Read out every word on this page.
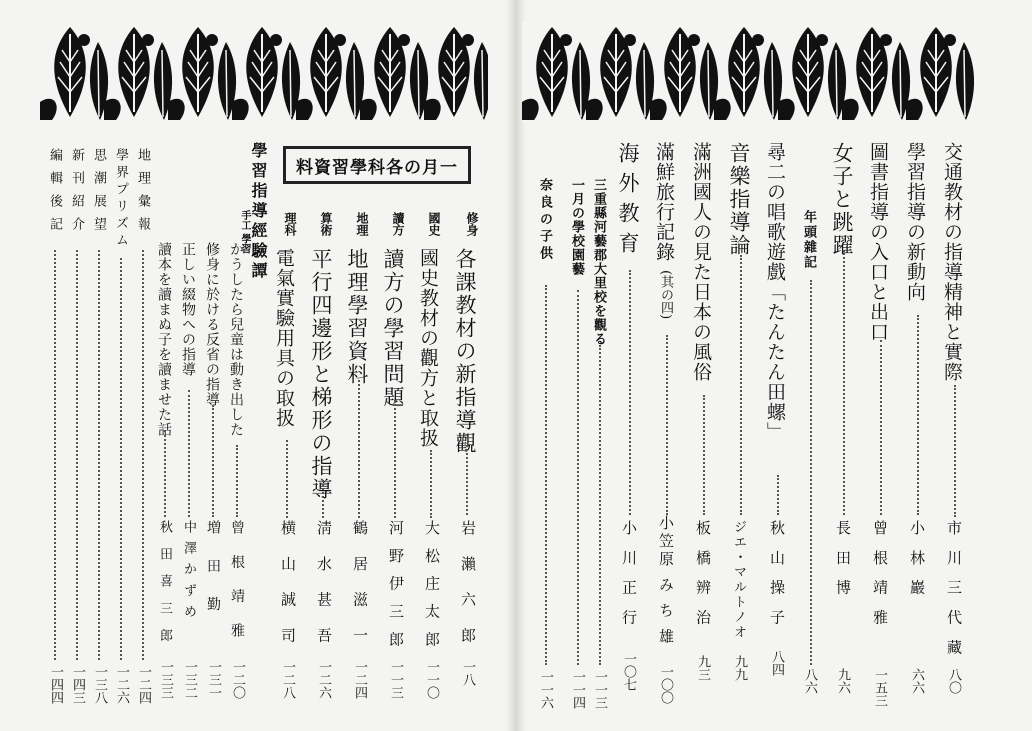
交通教材の指導精神と實際
市 川 三 代 藏
八〇
學習指導の新動向
小 林 巖
六六
圖書指導の入口と出口
曾 根 靖 雅
一五三
女子と跳躍
長 田 博
九六
年頭雜記
八六
尋二の唱歌遊戲「たんたん田螺」
秋 山 操 子
八四
音樂指導論
ジエ・マルトノオ
九九
滿洲國人の見た日本の風俗
板 橋 辨 治
九三
滿鮮旅行記錄
(其の四)
小笠原 み ち 雄
一〇〇
海外教育
小 川 正 行
一〇七
三重縣河藝郡大里校を觀る
一一三
一月の學校園藝
一一四
奈良の子供
一一六
一月の各科學習資料
修身
各課教材の新指導觀
岩 瀨 六 郎
一八
國史
國史教材の觀方と取扱
大 松 庄 太 郎
一一〇
讀方
讀方の學習問題
河 野 伊 三 郎
一一三
地理
地理學習資料
鶴 居 滋 一
一二四
算術
平行四邊形と梯形の指導
淸 水 甚 吾
一二六
理科
電氣實驗用具の取扱
横 山 誠 司
一二八
學習指導經驗譚
手工 學習
かうしたら兒童は動き出した
曾 根 靖 雅
一二〇
修身に於ける反省の指導
増 田 勤
一三一
正しい綴物への指導
中 澤 か ず め
一三二
讀本を讀まぬ子を讀ませた話
秋 田 喜 三 郎
一三三
地理彙報
一二四
學界プリズム
一二六
思潮展望
一三八
新刊紹介
一四三
編輯後記
一四四
